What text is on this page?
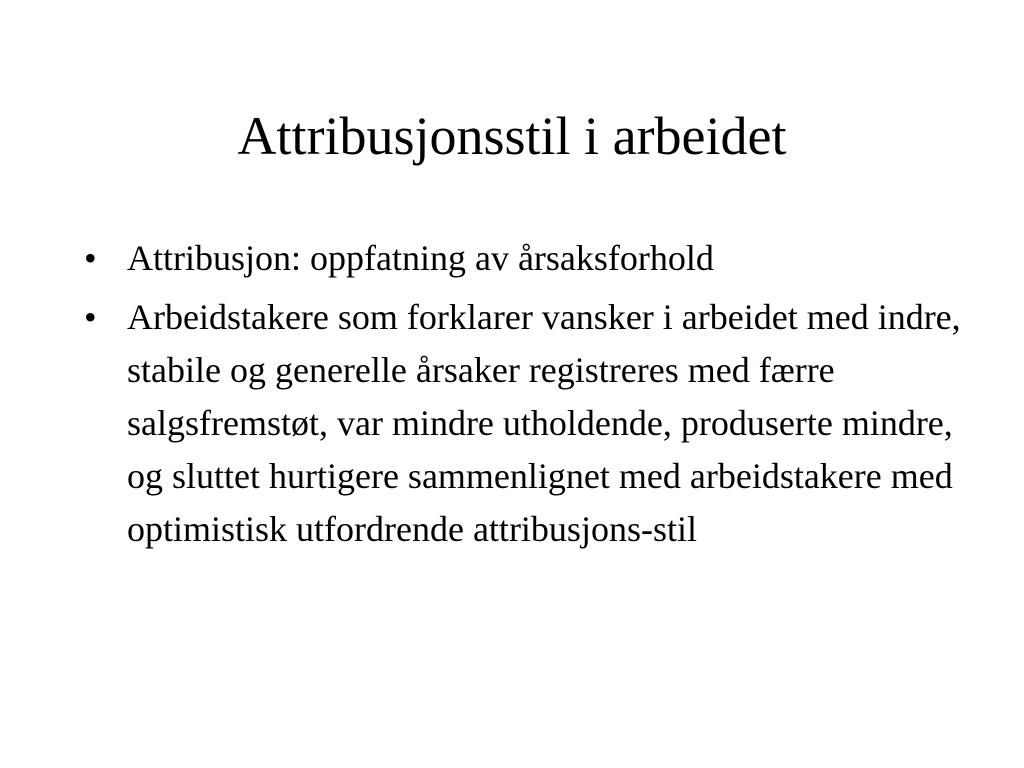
Attribusjonsstil i arbeidet
• Attribusjon: oppfatning av årsaksforhold
• Arbeidstakere som forklarer vansker i arbeidet med indre, stabile og generelle årsaker registreres med færre salgsfremstøt, var mindre utholdende, produserte mindre, og sluttet hurtigere sammenlignet med arbeidstakere med optimistisk utfordrende attribusjons-stil
